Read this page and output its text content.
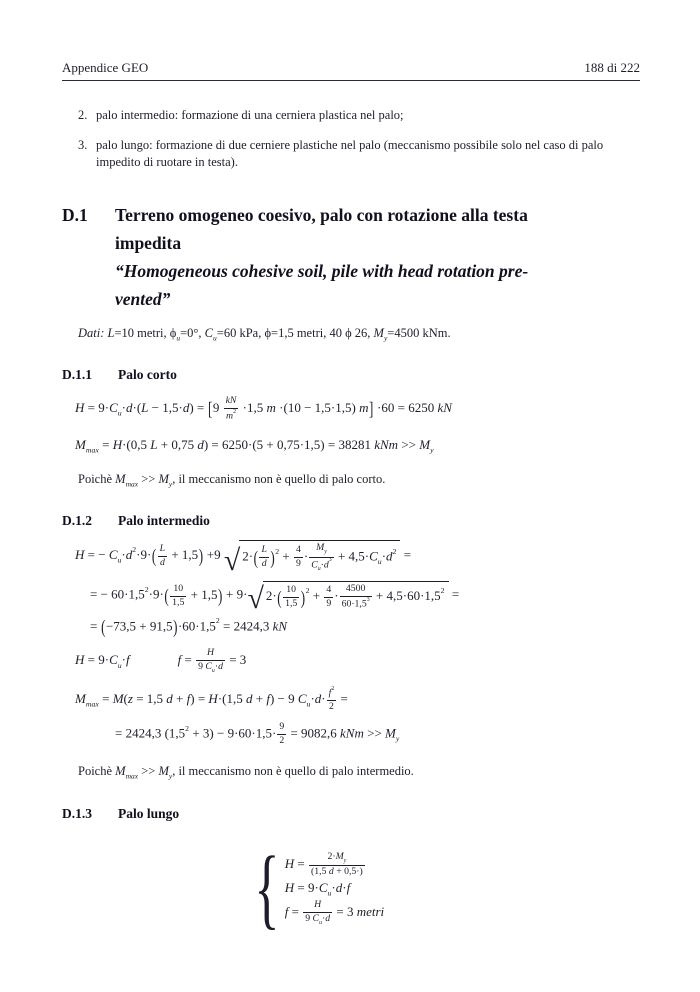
Appendice GEO	188 di 222
2. palo intermedio: formazione di una cerniera plastica nel palo;
3. palo lungo: formazione di due cerniere plastiche nel palo (meccanismo possibile solo nel caso di palo impedito di ruotare in testa).
D.1	Terreno omogeneo coesivo, palo con rotazione alla testa
impedita
“Homogeneous cohesive soil, pile with head rotation pre-
vented”
Dati: L=10 metri, $\phi_u=0^\circ$, $C_u=60$ kPa, ϕ=1,5 metri, 40 ϕ 26, $M_y=4500$ kNm.
D.1.1	Palo corto
$H = 9\cdot C_u\cdot d\cdot(L - 1,5\cdot d) = [9 \frac{kN}{m^2} \cdot 1,5$ m ·(10 − 1,5·1,5) m] ·60 = 6250 kN
$M_{max} = H\cdot(0,5$ L + 0,75 d) = 6250·(5 + 0,75·1,5) = 38281 kNm >> $M_y$
Poichè $M_{max} >> M_y$, il meccanismo non è quello di palo corto.
D.1.2	Palo intermedio
H = − $C_u\cdot d^2\cdot 9\cdot( \frac{L}{d} + 1,5) +9$ √ $2\cdot( \frac{L}{d} )^2 + \frac{4}{9} \cdot \frac{M_y}{C_u\cdot d^3} + 4,5\cdot C_u\cdot d^2$ =
= − $60\cdot 1,5^2\cdot 9\cdot( \frac{10}{1,5} + 1,5) + 9\cdot$ √ $2\cdot( \frac{10}{1,5} )^2 + \frac{4}{9} \cdot \frac{4500}{60\cdot 1,5^3} + 4,5\cdot 60\cdot 1,5^2$ =
= $(-73,5 + 91,5)\cdot 60\cdot 1,5^2 = 2424,3$ kN
$H = 9\cdot C_u\cdot f$	$f = \frac{H}{9 C_u\cdot d} = 3$
$M_{max} = M(z = 1,5$ d + f) = H·(1,5 d + f) − 9 $C_u\cdot d\cdot \frac{f^2}{2}$ =
= 2424,3 $(1,5^2 + 3) - 9\cdot 60\cdot 1,5\cdot \frac{9}{2} = 9082,6$ kNm >> $M_y$
Poichè $M_{max} >> M_y$, il meccanismo non è quello di palo intermedio.
D.1.3	Palo lungo
{ $H = \frac{2\cdot M_y}{(1,5 d + 0,5\cdot)}$
$H = 9\cdot C_u\cdot d\cdot f$
$f = \frac{H}{9 C_u\cdot d} = 3$ metri
